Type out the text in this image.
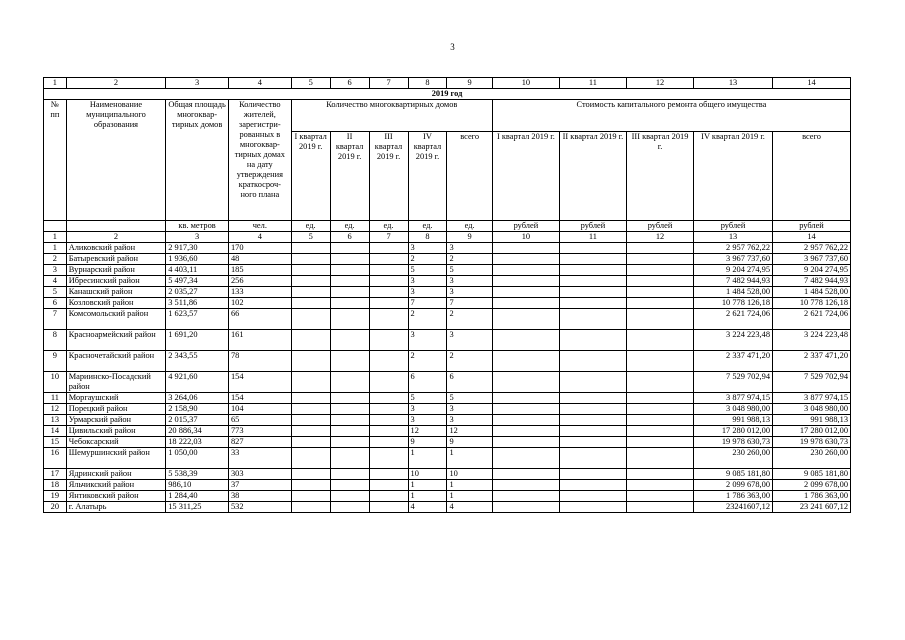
3
1	2	3	4	5	6	7	8	9	10	11	12	13	14
2019 год													
№ пп	Наименование муниципального образования	Общая площадь многоквар-тирных домов	Количество жителей, зарегистри-рованных в многоквар-тирных домах на дату утверждения краткосроч-ного плана	Количество многоквартирных домов					Стоимость капитального ремонта общего имущества				
				I квартал 2019 г.	II квартал 2019 г.	III квартал 2019 г.	IV квартал 2019 г.	всего	I квартал 2019 г.	II квартал 2019 г.	III квартал 2019 г.	IV квартал 2019 г.	всего
		кв. метров	чел.	ед.	ед.	ед.	ед.	ед.	рублей	рублей	рублей	рублей	рублей
1	2	3	4	5	6	7	8	9	10	11	12	13	14
1	Аликовский район	2 917,30	170				3	3				2 957 762,22	2 957 762,22
2	Батыревский район	1 936,60	48				2	2				3 967 737,60	3 967 737,60
3	Вурнарский район	4 403,11	185				5	5				9 204 274,95	9 204 274,95
4	Ибресинский район	5 497,34	256				3	3				7 482 944,93	7 482 944,93
5	Канашский район	2 035,27	133				3	3				1 484 528,00	1 484 528,00
6	Козловский район	3 511,86	102				7	7				10 778 126,18	10 778 126,18
7	Комсомольский район	1 623,57	66				2	2				2 621 724,06	2 621 724,06
8	Красноармейский район	1 691,20	161				3	3				3 224 223,48	3 224 223,48
9	Красночетайский район	2 343,55	78				2	2				2 337 471,20	2 337 471,20
10	Мариинско-Посадский район	4 921,60	154				6	6				7 529 702,94	7 529 702,94
11	Моргаушский	3 264,06	154				5	5				3 877 974,15	3 877 974,15
12	Порецкий район	2 158,90	104				3	3				3 048 980,00	3 048 980,00
13	Урмарский район	2 015,37	65				3	3				991 988,13	991 988,13
14	Цивильский район	20 886,34	773				12	12				17 280 012,00	17 280 012,00
15	Чебоксарский	18 222,03	827				9	9				19 978 630,73	19 978 630,73
16	Шемуршинский район	1 050,00	33				1	1				230 260,00	230 260,00
17	Ядринский район	5 538,39	303				10	10				9 085 181,80	9 085 181,80
18	Яльчикский район	986,10	37				1	1				2 099 678,00	2 099 678,00
19	Янтиковский район	1 284,40	38				1	1				1 786 363,00	1 786 363,00
20	г. Алатырь	15 311,25	532				4	4				23241607,12	23 241 607,12
